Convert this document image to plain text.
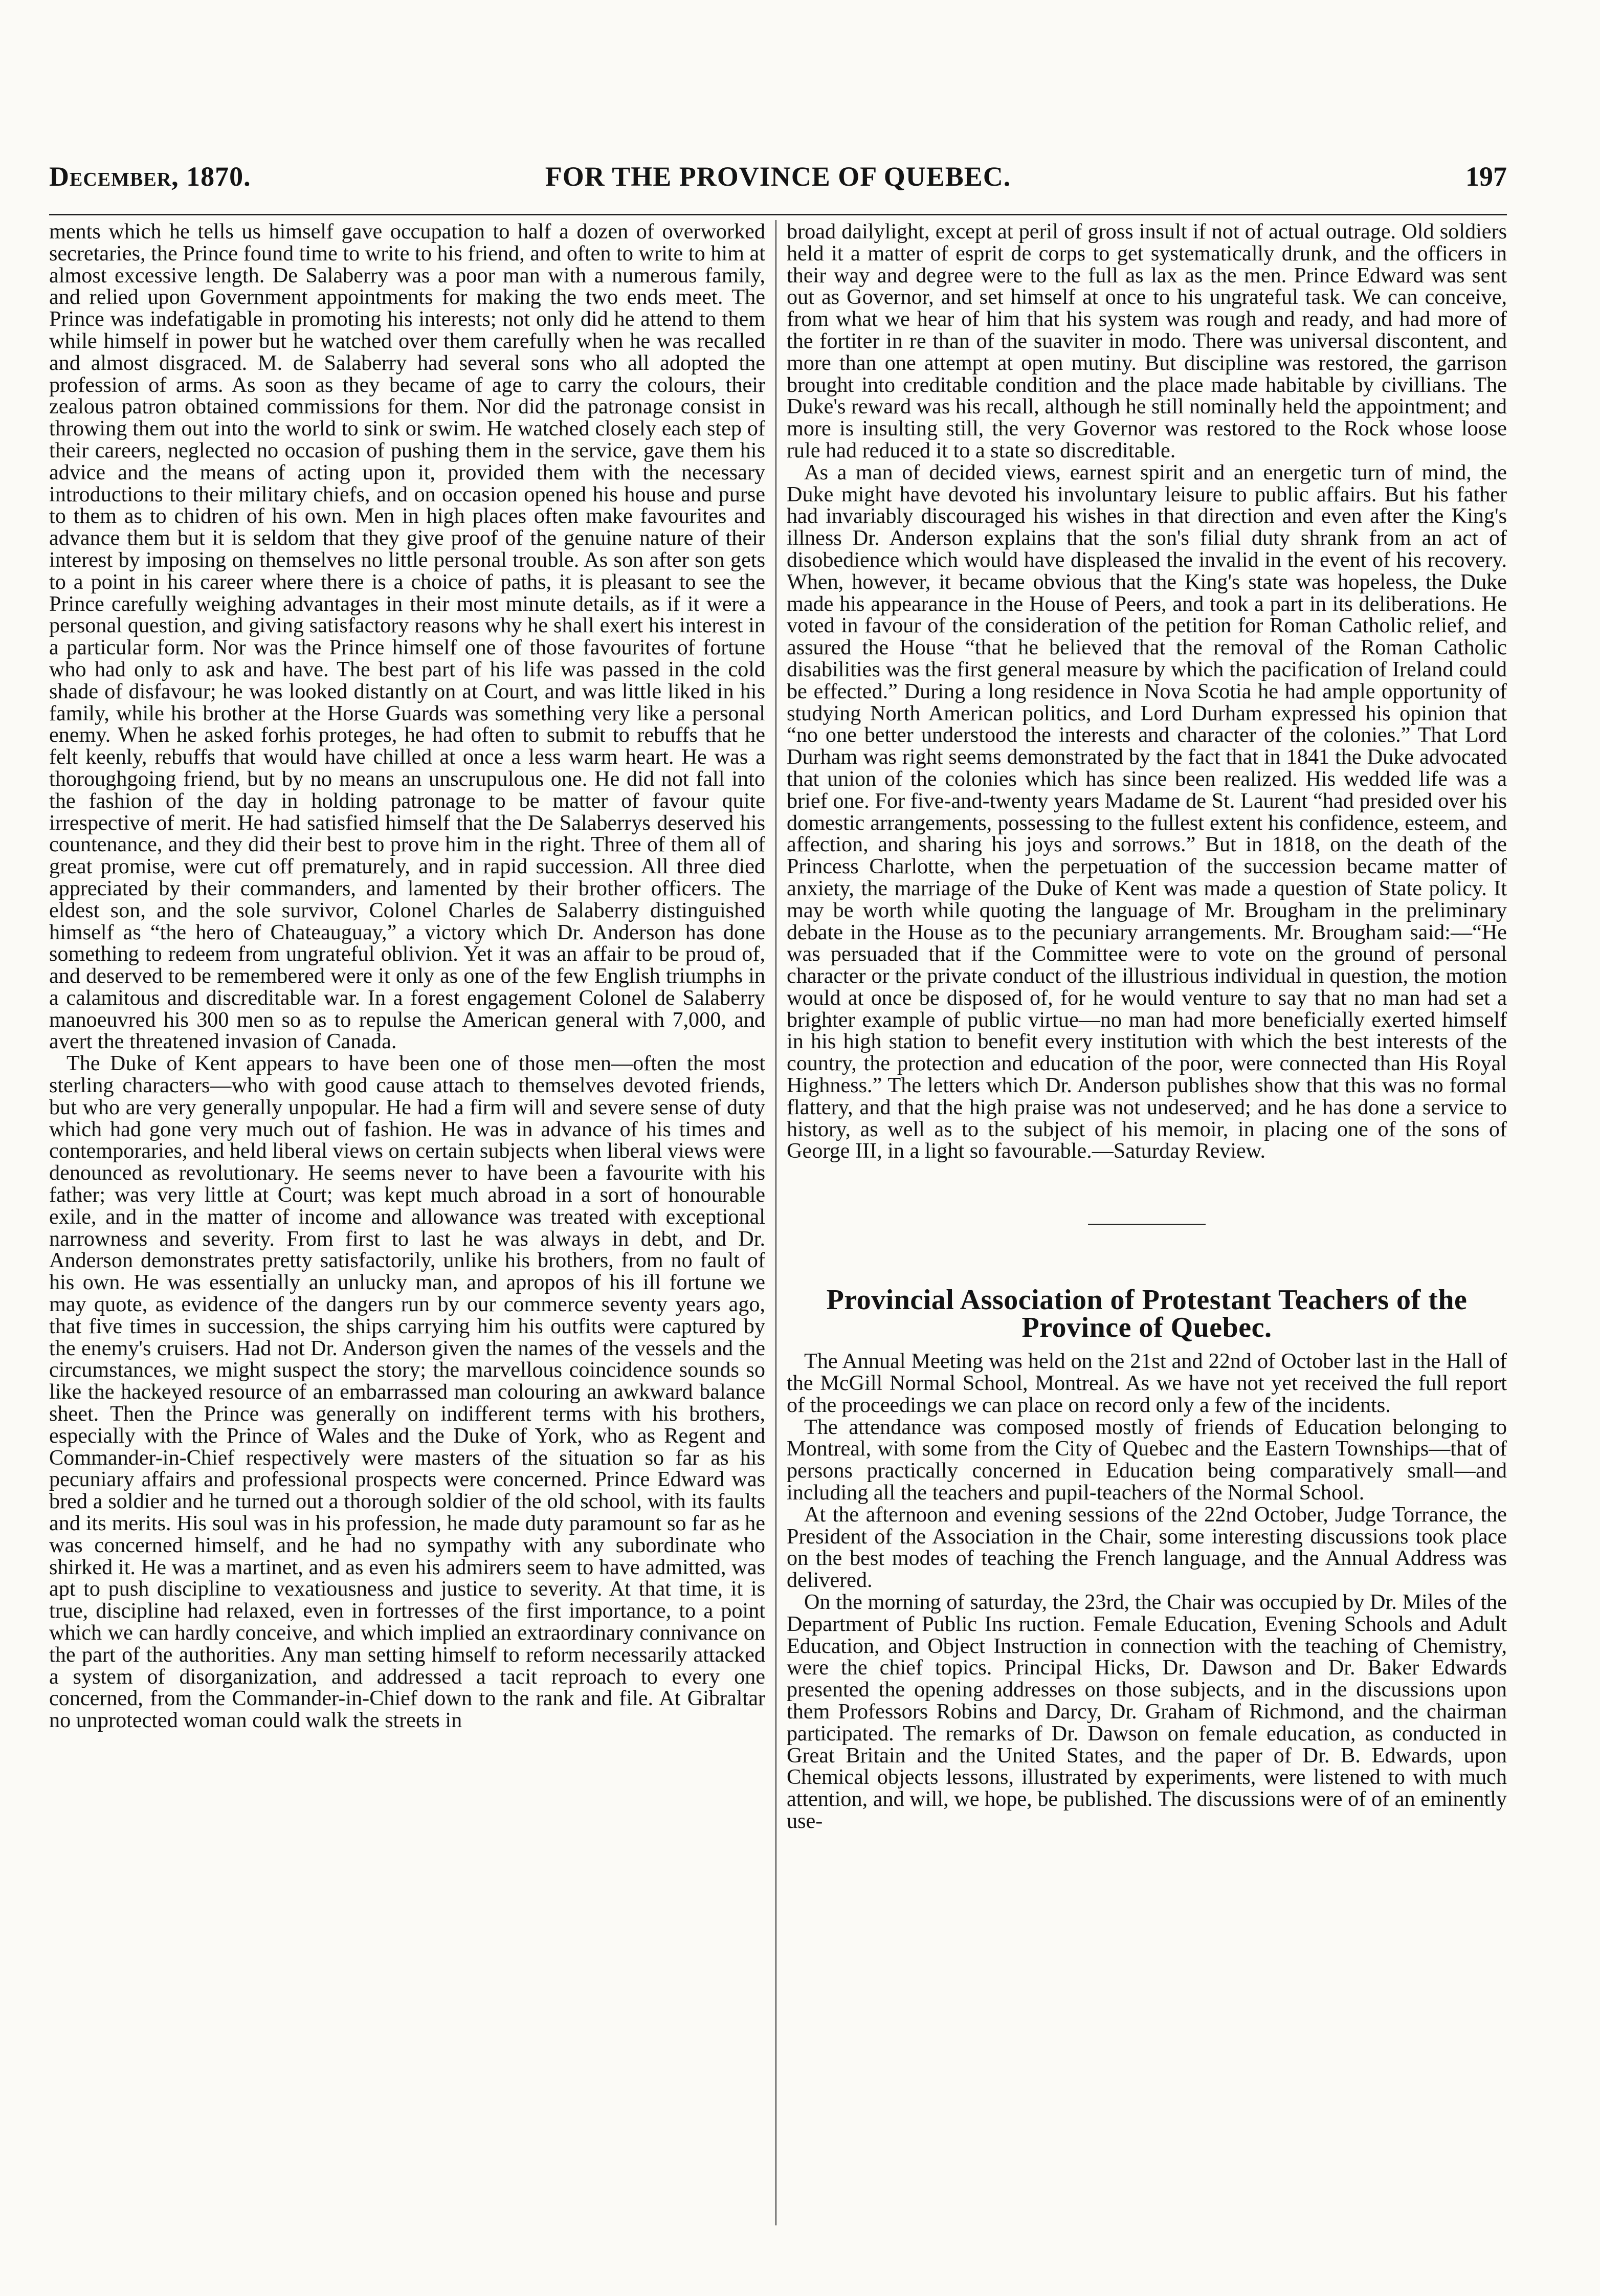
December, 1870.	FOR THE PROVINCE OF QUEBEC.	197

ments which he tells us himself gave occupation to half a dozen of overworked secretaries, the Prince found time to write to his friend, and often to write to him at almost excessive length. De Salaberry was a poor man with a numerous family, and relied upon Government appointments for making the two ends meet. The Prince was indefatigable in promoting his interests; not only did he attend to them while himself in power but he watched over them carefully when he was recalled and almost disgraced. M. de Salaberry had several sons who all adopted the profession of arms. As soon as they became of age to carry the colours, their zealous patron obtained commissions for them. Nor did the patronage consist in throwing them out into the world to sink or swim. He watched closely each step of their careers, neglected no occasion of pushing them in the service, gave them his advice and the means of acting upon it, provided them with the necessary introductions to their military chiefs, and on occasion opened his house and purse to them as to chidren of his own. Men in high places often make favourites and advance them but it is seldom that they give proof of the genuine nature of their interest by imposing on themselves no little personal trouble. As son after son gets to a point in his career where there is a choice of paths, it is pleasant to see the Prince carefully weighing advantages in their most minute details, as if it were a personal question, and giving satisfactory reasons why he shall exert his interest in a particular form. Nor was the Prince himself one of those favourites of fortune who had only to ask and have. The best part of his life was passed in the cold shade of disfavour; he was looked distantly on at Court, and was little liked in his family, while his brother at the Horse Guards was something very like a personal enemy. When he asked forhis proteges, he had often to submit to rebuffs that he felt keenly, rebuffs that would have chilled at once a less warm heart. He was a thoroughgoing friend, but by no means an unscrupulous one. He did not fall into the fashion of the day in holding patronage to be matter of favour quite irrespective of merit. He had satisfied himself that the De Salaberrys deserved his countenance, and they did their best to prove him in the right. Three of them all of great promise, were cut off prematurely, and in rapid succession. All three died appreciated by their commanders, and lamented by their brother officers. The eldest son, and the sole survivor, Colonel Charles de Salaberry distinguished himself as “the hero of Chateauguay,” a victory which Dr. Anderson has done something to redeem from ungrateful oblivion. Yet it was an affair to be proud of, and deserved to be remembered were it only as one of the few English triumphs in a calamitous and discreditable war. In a forest engagement Colonel de Salaberry manoeuvred his 300 men so as to repulse the American general with 7,000, and avert the threatened invasion of Canada.

The Duke of Kent appears to have been one of those men—often the most sterling characters—who with good cause attach to themselves devoted friends, but who are very generally unpopular. He had a firm will and severe sense of duty which had gone very much out of fashion. He was in advance of his times and contemporaries, and held liberal views on certain subjects when liberal views were denounced as revolutionary. He seems never to have been a favourite with his father; was very little at Court; was kept much abroad in a sort of honourable exile, and in the matter of income and allowance was treated with exceptional narrowness and severity. From first to last he was always in debt, and Dr. Anderson demonstrates pretty satisfactorily, unlike his brothers, from no fault of his own. He was essentially an unlucky man, and apropos of his ill fortune we may quote, as evidence of the dangers run by our commerce seventy years ago, that five times in succession, the ships carrying him his outfits were captured by the enemy's cruisers. Had not Dr. Anderson given the names of the vessels and the circumstances, we might suspect the story; the marvellous coincidence sounds so like the hackeyed resource of an embarrassed man colouring an awkward balance sheet. Then the Prince was generally on indifferent terms with his brothers, especially with the Prince of Wales and the Duke of York, who as Regent and Commander-in-Chief respectively were masters of the situation so far as his pecuniary affairs and professional prospects were concerned. Prince Edward was bred a soldier and he turned out a thorough soldier of the old school, with its faults and its merits. His soul was in his profession, he made duty paramount so far as he was concerned himself, and he had no sympathy with any subordinate who shirked it. He was a martinet, and as even his admirers seem to have admitted, was apt to push discipline to vexatiousness and justice to severity. At that time, it is true, discipline had relaxed, even in fortresses of the first importance, to a point which we can hardly conceive, and which implied an extraordinary connivance on the part of the authorities. Any man setting himself to reform necessarily attacked a system of disorganization, and addressed a tacit reproach to every one concerned, from the Commander-in-Chief down to the rank and file. At Gibraltar no unprotected woman could walk the streets in

broad dailylight, except at peril of gross insult if not of actual outrage. Old soldiers held it a matter of esprit de corps to get systematically drunk, and the officers in their way and degree were to the full as lax as the men. Prince Edward was sent out as Governor, and set himself at once to his ungrateful task. We can conceive, from what we hear of him that his system was rough and ready, and had more of the fortiter in re than of the suaviter in modo. There was universal discontent, and more than one attempt at open mutiny. But discipline was restored, the garrison brought into creditable condition and the place made habitable by civillians. The Duke's reward was his recall, although he still nominally held the appointment; and more is insulting still, the very Governor was restored to the Rock whose loose rule had reduced it to a state so discreditable.

As a man of decided views, earnest spirit and an energetic turn of mind, the Duke might have devoted his involuntary leisure to public affairs. But his father had invariably discouraged his wishes in that direction and even after the King's illness Dr. Anderson explains that the son's filial duty shrank from an act of disobedience which would have displeased the invalid in the event of his recovery. When, however, it became obvious that the King's state was hopeless, the Duke made his appearance in the House of Peers, and took a part in its deliberations. He voted in favour of the consideration of the petition for Roman Catholic relief, and assured the House “that he believed that the removal of the Roman Catholic disabilities was the first general measure by which the pacification of Ireland could be effected.” During a long residence in Nova Scotia he had ample opportunity of studying North American politics, and Lord Durham expressed his opinion that “no one better understood the interests and character of the colonies.” That Lord Durham was right seems demonstrated by the fact that in 1841 the Duke advocated that union of the colonies which has since been realized. His wedded life was a brief one. For five-and-twenty years Madame de St. Laurent “had presided over his domestic arrangements, possessing to the fullest extent his confidence, esteem, and affection, and sharing his joys and sorrows.” But in 1818, on the death of the Princess Charlotte, when the perpetuation of the succession became matter of anxiety, the marriage of the Duke of Kent was made a question of State policy. It may be worth while quoting the language of Mr. Brougham in the preliminary debate in the House as to the pecuniary arrangements. Mr. Brougham said:—“He was persuaded that if the Committee were to vote on the ground of personal character or the private conduct of the illustrious individual in question, the motion would at once be disposed of, for he would venture to say that no man had set a brighter example of public virtue—no man had more beneficially exerted himself in his high station to benefit every institution with which the best interests of the country, the protection and education of the poor, were connected than His Royal Highness.” The letters which Dr. Anderson publishes show that this was no formal flattery, and that the high praise was not undeserved; and he has done a service to history, as well as to the subject of his memoir, in placing one of the sons of George III, in a light so favourable.—Saturday Review.

Provincial Association of Protestant Teachers of the Province of Quebec.

The Annual Meeting was held on the 21st and 22nd of October last in the Hall of the McGill Normal School, Montreal. As we have not yet received the full report of the proceedings we can place on record only a few of the incidents.

The attendance was composed mostly of friends of Education belonging to Montreal, with some from the City of Quebec and the Eastern Townships—that of persons practically concerned in Education being comparatively small—and including all the teachers and pupil-teachers of the Normal School.

At the afternoon and evening sessions of the 22nd October, Judge Torrance, the President of the Association in the Chair, some interesting discussions took place on the best modes of teaching the French language, and the Annual Address was delivered.

On the morning of saturday, the 23rd, the Chair was occupied by Dr. Miles of the Department of Public Ins ruction. Female Education, Evening Schools and Adult Education, and Object Instruction in connection with the teaching of Chemistry, were the chief topics. Principal Hicks, Dr. Dawson and Dr. Baker Edwards presented the opening addresses on those subjects, and in the discussions upon them Professors Robins and Darcy, Dr. Graham of Richmond, and the chairman participated. The remarks of Dr. Dawson on female education, as conducted in Great Britain and the United States, and the paper of Dr. B. Edwards, upon Chemical objects lessons, illustrated by experiments, were listened to with much attention, and will, we hope, be published. The discussions were of of an eminently use-
